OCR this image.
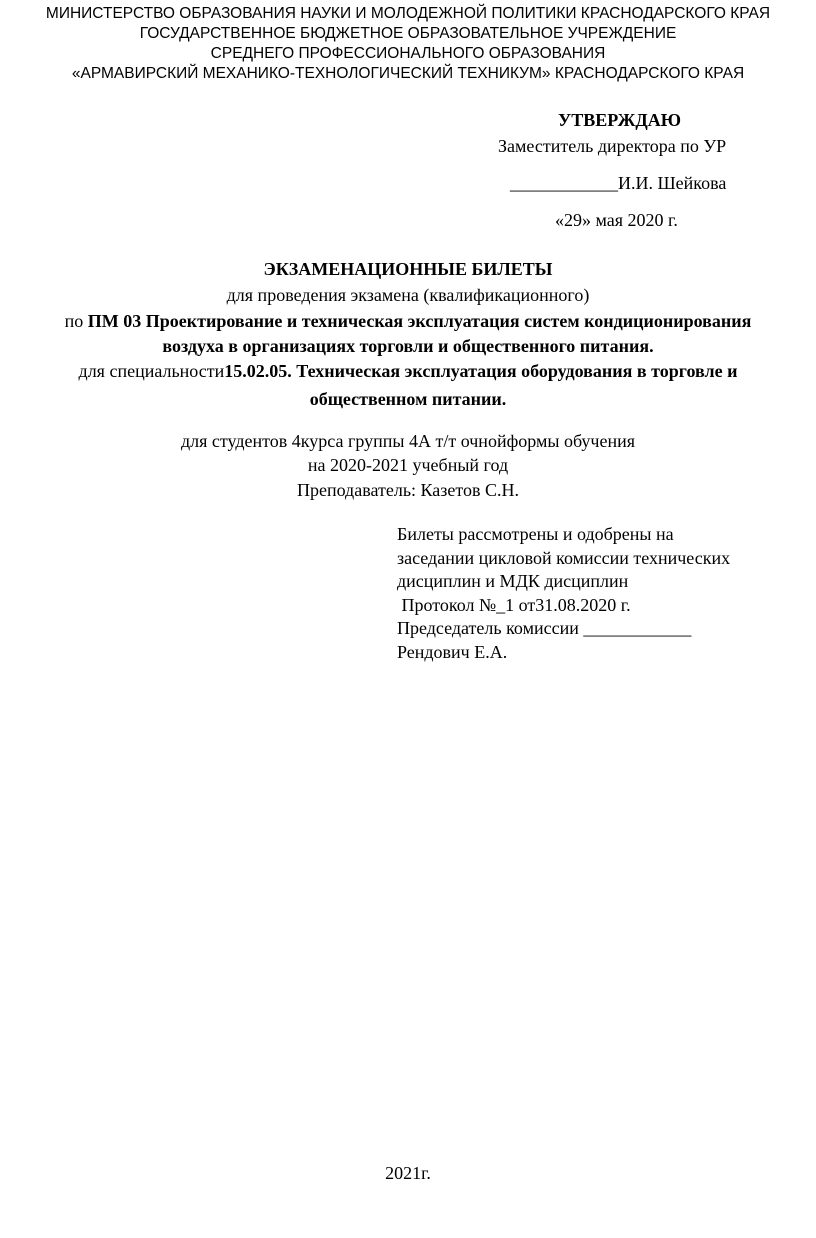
МИНИСТЕРСТВО ОБРАЗОВАНИЯ НАУКИ И МОЛОДЕЖНОЙ ПОЛИТИКИ КРАСНОДАРСКОГО КРАЯ
ГОСУДАРСТВЕННОЕ БЮДЖЕТНОЕ ОБРАЗОВАТЕЛЬНОЕ УЧРЕЖДЕНИЕ
СРЕДНЕГО ПРОФЕССИОНАЛЬНОГО ОБРАЗОВАНИЯ
«АРМАВИРСКИЙ МЕХАНИКО-ТЕХНОЛОГИЧЕСКИЙ ТЕХНИКУМ» КРАСНОДАРСКОГО КРАЯ
УТВЕРЖДАЮ
Заместитель директора по УР
____________И.И. Шейкова
«29» мая 2020 г.
ЭКЗАМЕНАЦИОННЫЕ БИЛЕТЫ
для проведения экзамена (квалификационного)
по ПМ 03 Проектирование и техническая эксплуатация систем кондиционирования
воздуха в организациях торговли и общественного питания.
для специальности15.02.05. Техническая эксплуатация оборудования в торговле и
общественном питании.
для студентов 4курса группы 4А т/т очнойформы обучения
на 2020-2021 учебный год
Преподаватель: Казетов С.Н.
Билеты рассмотрены и одобрены на
заседании цикловой комиссии технических
дисциплин и МДК дисциплин
Протокол №_1 от31.08.2020 г.
Председатель комиссии ____________
Рендович Е.А.
2021г.
